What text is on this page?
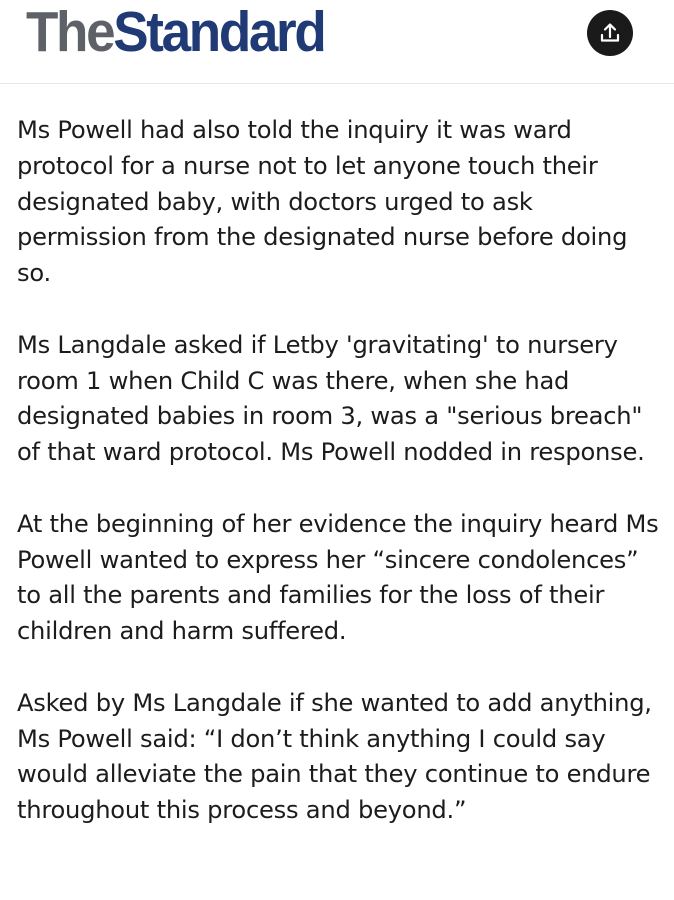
TheStandard

Ms Powell had also told the inquiry it was ward protocol for a nurse not to let anyone touch their designated baby, with doctors urged to ask permission from the designated nurse before doing so.

Ms Langdale asked if Letby 'gravitating' to nursery room 1 when Child C was there, when she had designated babies in room 3, was a "serious breach" of that ward protocol. Ms Powell nodded in response.

At the beginning of her evidence the inquiry heard Ms Powell wanted to express her “sincere condolences” to all the parents and families for the loss of their children and harm suffered.

Asked by Ms Langdale if she wanted to add anything, Ms Powell said: “I don’t think anything I could say would alleviate the pain that they continue to endure throughout this process and beyond.”
